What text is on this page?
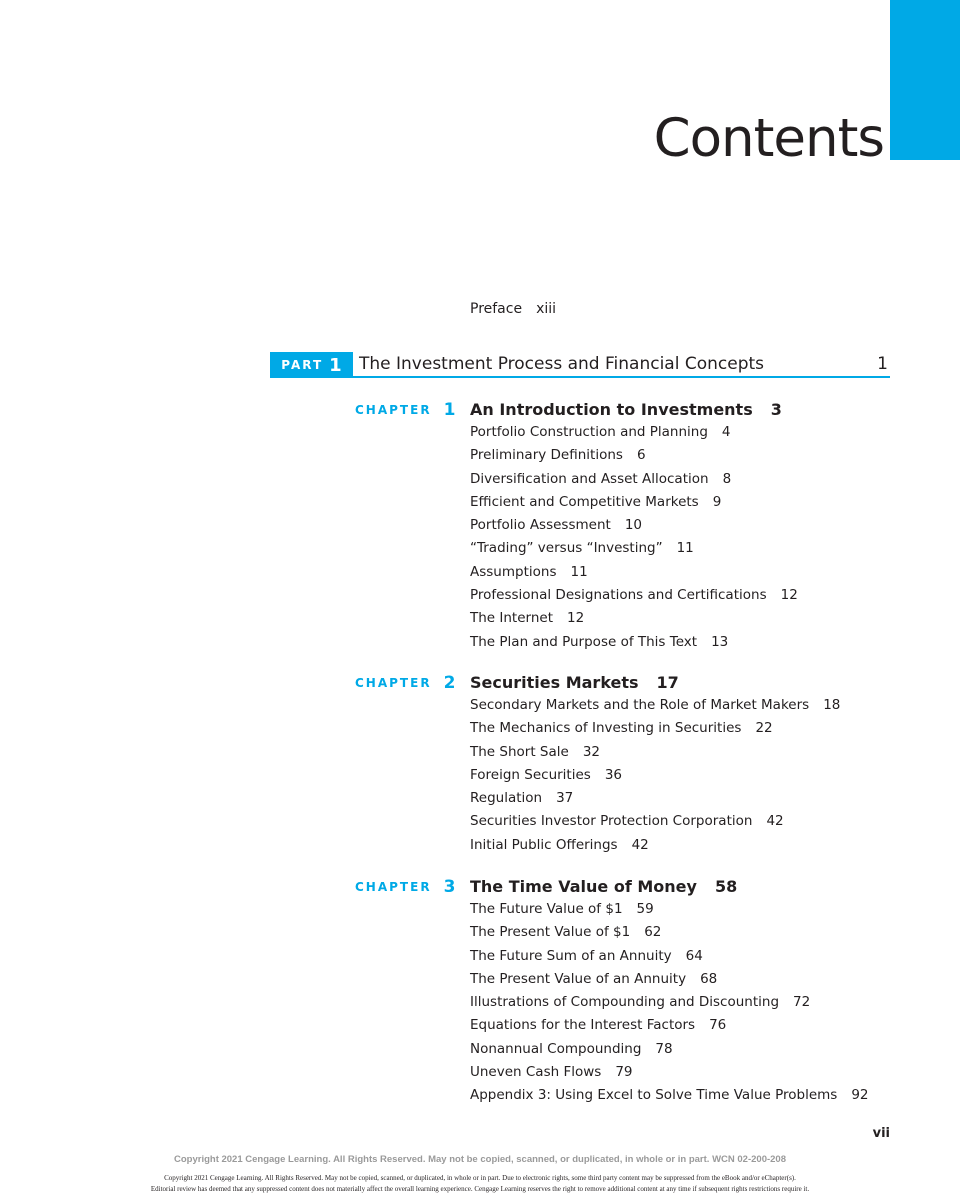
Contents
Preface xiii
PART 1 The Investment Process and Financial Concepts	1
CHAPTER 1 An Introduction to Investments 3
Portfolio Construction and Planning 4
Preliminary Definitions 6
Diversification and Asset Allocation 8
Efficient and Competitive Markets 9
Portfolio Assessment 10
“Trading” versus “Investing” 11
Assumptions 11
Professional Designations and Certifications 12
The Internet 12
The Plan and Purpose of This Text 13
CHAPTER 2 Securities Markets 17
Secondary Markets and the Role of Market Makers 18
The Mechanics of Investing in Securities 22
The Short Sale 32
Foreign Securities 36
Regulation 37
Securities Investor Protection Corporation 42
Initial Public Offerings 42
CHAPTER 3 The Time Value of Money 58
The Future Value of $1 59
The Present Value of $1 62
The Future Sum of an Annuity 64
The Present Value of an Annuity 68
Illustrations of Compounding and Discounting 72
Equations for the Interest Factors 76
Nonannual Compounding 78
Uneven Cash Flows 79
Appendix 3: Using Excel to Solve Time Value Problems 92
vii
Copyright 2021 Cengage Learning. All Rights Reserved. May not be copied, scanned, or duplicated, in whole or in part. WCN 02-200-208
Copyright 2021 Cengage Learning. All Rights Reserved. May not be copied, scanned, or duplicated, in whole or in part. Due to electronic rights, some third party content may be suppressed from the eBook and/or eChapter(s).
Editorial review has deemed that any suppressed content does not materially affect the overall learning experience. Cengage Learning reserves the right to remove additional content at any time if subsequent rights restrictions require it.
